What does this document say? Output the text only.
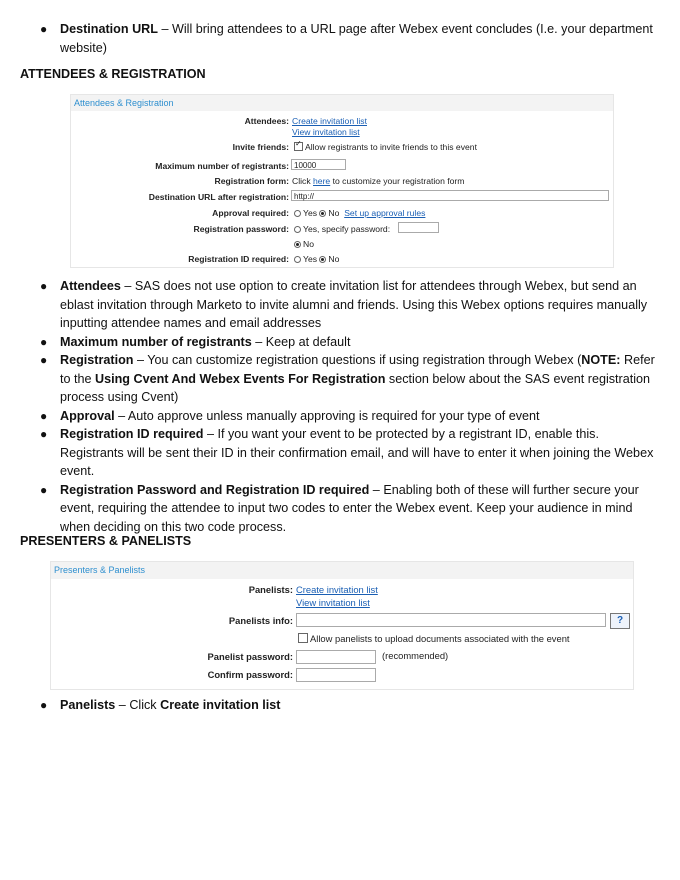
● Destination URL – Will bring attendees to a URL page after Webex event concludes (I.e. your department website)
ATTENDEES & REGISTRATION
Attendees & Registration
Attendees: Create invitation list
View invitation list
Invite friends:
✓	Allow registrants to invite friends to this event
Maximum number of registrants: 10000
Registration form: Click here to customize your registration form
Destination URL after registration: http://
Approval required:	Yes No Set up approval rules
Registration password:	Yes, specify password:
No
Registration ID required:	Yes No
● Attendees – SAS does not use option to create invitation list for attendees through Webex, but send an eblast invitation through Marketo to invite alumni and friends. Using this Webex options requires manually inputting attendee names and email addresses
● Maximum number of registrants – Keep at default
● Registration – You can customize registration questions if using registration through Webex (NOTE: Refer to the Using Cvent And Webex Events For Registration section below about the SAS event registration process using Cvent)
● Approval – Auto approve unless manually approving is required for your type of event
● Registration ID required – If you want your event to be protected by a registrant ID, enable this. Registrants will be sent their ID in their confirmation email, and will have to enter it when joining the Webex event.
● Registration Password and Registration ID required – Enabling both of these will further secure your event, requiring the attendee to input two codes to enter the Webex event. Keep your audience in mind when deciding on this two code process.
PRESENTERS & PANELISTS
Presenters & Panelists
Panelists: Create invitation list
View invitation list
Panelists info:	?
Allow panelists to upload documents associated with the event
Panelist password:	(recommended)
Confirm password:
● Panelists – Click Create invitation list
